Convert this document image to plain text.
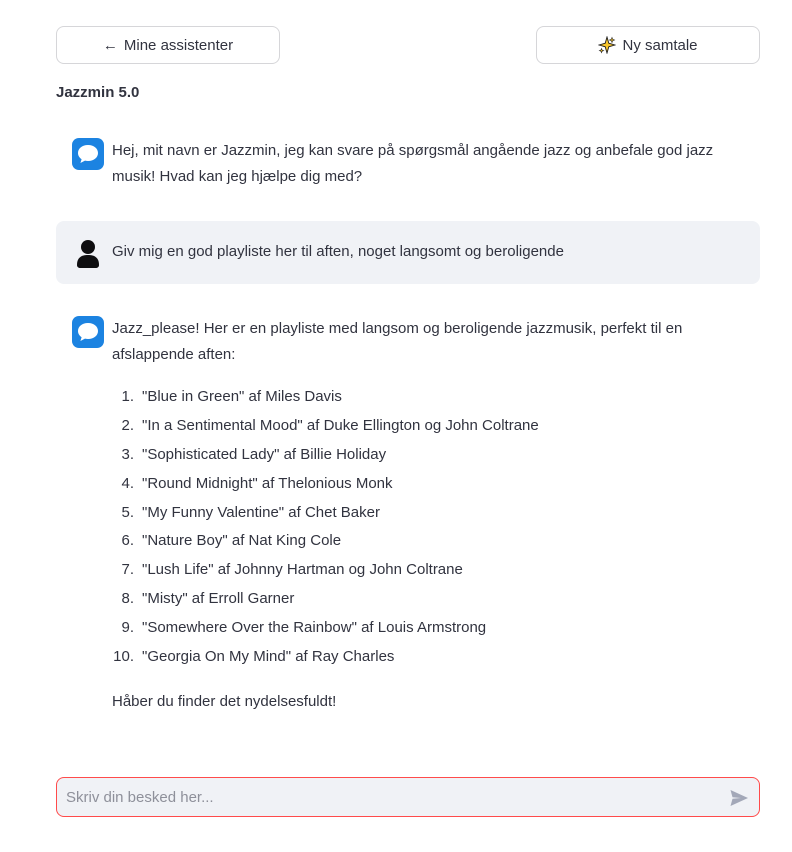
← Mine assistenter	Ny samtale
Jazzmin 5.0
Hej, mit navn er Jazzmin, jeg kan svare på spørgsmål angående jazz og anbefale god jazz musik! Hvad kan jeg hjælpe dig med?
Giv mig en god playliste her til aften, noget langsomt og beroligende
Jazz_please! Her er en playliste med langsom og beroligende jazzmusik, perfekt til en afslappende aften:
1. "Blue in Green" af Miles Davis
2. "In a Sentimental Mood" af Duke Ellington og John Coltrane
3. "Sophisticated Lady" af Billie Holiday
4. "Round Midnight" af Thelonious Monk
5. "My Funny Valentine" af Chet Baker
6. "Nature Boy" af Nat King Cole
7. "Lush Life" af Johnny Hartman og John Coltrane
8. "Misty" af Erroll Garner
9. "Somewhere Over the Rainbow" af Louis Armstrong
10. "Georgia On My Mind" af Ray Charles
Håber du finder det nydelsesfuldt!
Skriv din besked her...
